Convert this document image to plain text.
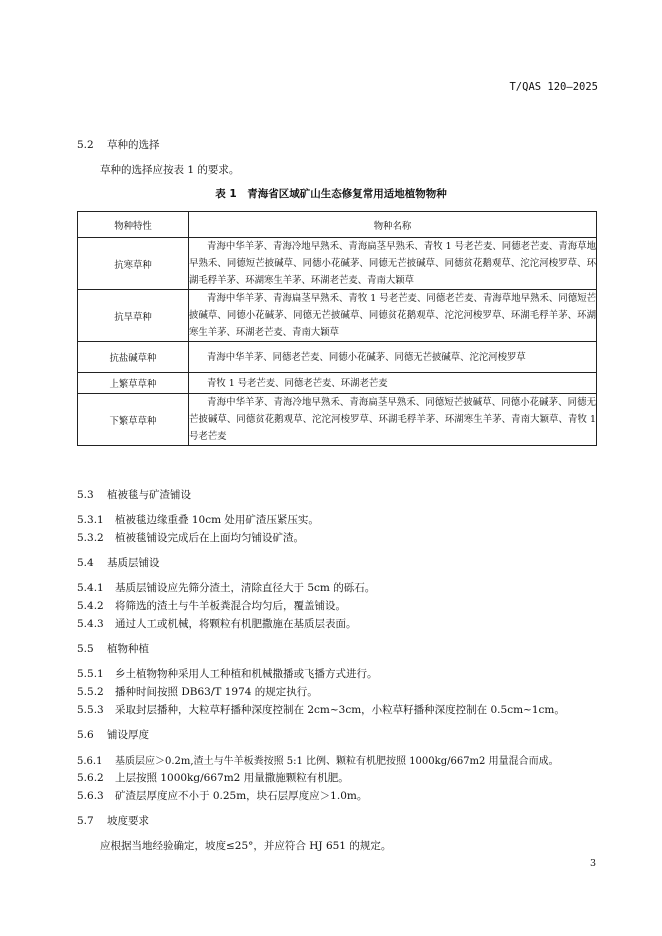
T/QAS 120—2025
5.2 草种的选择
草种的选择应按表 1 的要求。
表 1　青海省区域矿山生态修复常用适地植物物种
物种特性	物种名称
抗寒草种	青海中华羊茅、青海冷地早熟禾、青海扁茎早熟禾、青牧 1 号老芒麦、同德老芒麦、青海草地早熟禾、同德短芒披碱草、同德小花碱茅、同德无芒披碱草、同德贫花鹅观草、沱沱河梭罗草、环湖毛稃羊茅、环湖寒生羊茅、环湖老芒麦、青南大颖草
抗旱草种	青海中华羊茅、青海扁茎早熟禾、青牧 1 号老芒麦、同德老芒麦、青海草地早熟禾、同德短芒披碱草、同德小花碱茅、同德无芒披碱草、同德贫花鹅观草、沱沱河梭罗草、环湖毛稃羊茅、环湖寒生羊茅、环湖老芒麦、青南大颖草
抗盐碱草种	青海中华羊茅、同德老芒麦、同德小花碱茅、同德无芒披碱草、沱沱河梭罗草
上繁草草种	青牧 1 号老芒麦、同德老芒麦、环湖老芒麦
下繁草草种	青海中华羊茅、青海冷地早熟禾、青海扁茎早熟禾、同德短芒披碱草、同德小花碱茅、同德无芒披碱草、同德贫花鹅观草、沱沱河梭罗草、环湖毛稃羊茅、环湖寒生羊茅、青南大颖草、青牧 1 号老芒麦
5.3 植被毯与矿渣铺设
5.3.1 植被毯边缘重叠 10cm 处用矿渣压紧压实。
5.3.2 植被毯铺设完成后在上面均匀铺设矿渣。
5.4 基质层铺设
5.4.1 基质层铺设应先筛分渣土，清除直径大于 5cm 的砾石。
5.4.2 将筛选的渣土与牛羊板粪混合均匀后，覆盖铺设。
5.4.3 通过人工或机械，将颗粒有机肥撒施在基质层表面。
5.5 植物种植
5.5.1 乡土植物物种采用人工种植和机械撒播或飞播方式进行。
5.5.2 播种时间按照 DB63/T 1974 的规定执行。
5.5.3 采取封层播种，大粒草籽播种深度控制在 2cm~3cm，小粒草籽播种深度控制在 0.5cm~1cm。
5.6 铺设厚度
5.6.1 基质层应＞0.2m,渣土与牛羊板粪按照 5:1 比例、颗粒有机肥按照 1000kg/667m2 用量混合而成。
5.6.2 上层按照 1000kg/667m2 用量撒施颗粒有机肥。
5.6.3 矿渣层厚度应不小于 0.25m，块石层厚度应＞1.0m。
5.7 坡度要求
应根据当地经验确定，坡度≤25°，并应符合 HJ 651 的规定。
3
